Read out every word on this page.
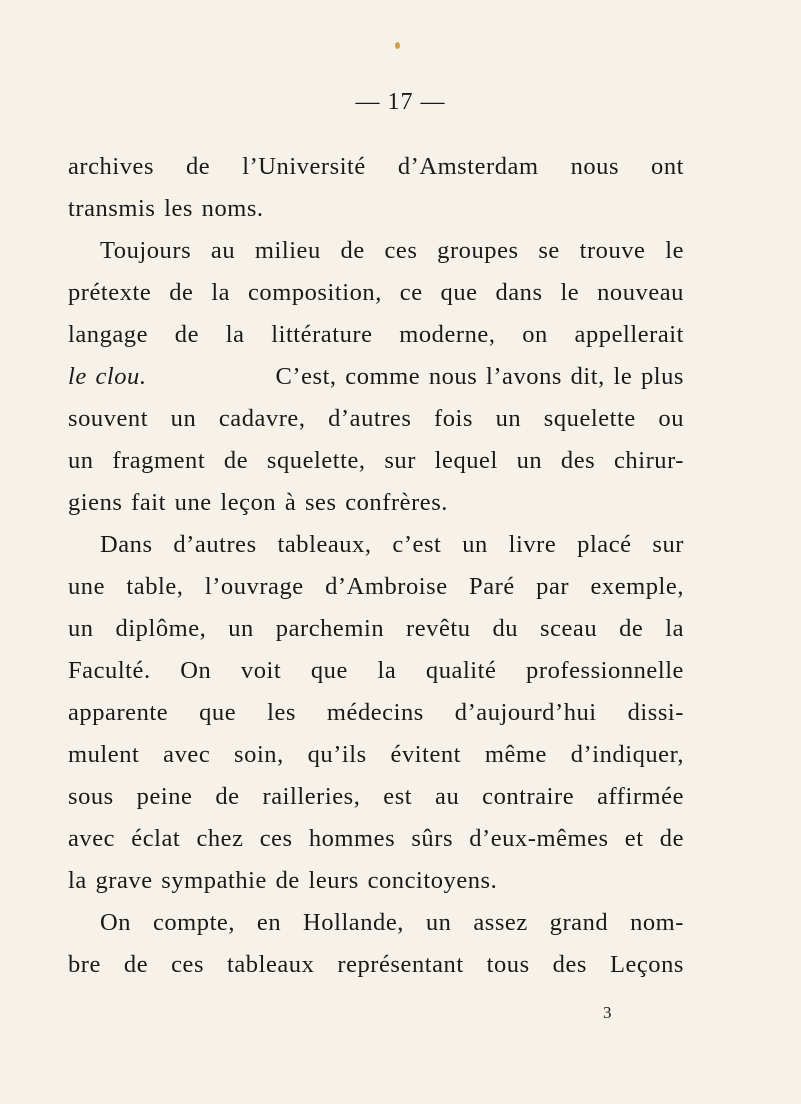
— 17 —
archives de l’Université d’Amsterdam nous ont
transmis les noms.
Toujours au milieu de ces groupes se trouve le
prétexte de la composition, ce que dans le nouveau
langage de la littérature moderne, on appellerait
le clou.	C’est, comme nous l’avons dit, le plus
souvent un cadavre, d’autres fois un squelette ou
un fragment de squelette, sur lequel un des chirur-
giens fait une leçon à ses confrères.
Dans d’autres tableaux, c’est un livre placé sur
une table, l’ouvrage d’Ambroise Paré par exemple,
un diplôme, un parchemin revêtu du sceau de la
Faculté. On voit que la qualité professionnelle
apparente que les médecins d’aujourd’hui dissi-
mulent avec soin, qu’ils évitent même d’indiquer,
sous peine de railleries, est au contraire affirmée
avec éclat chez ces hommes sûrs d’eux-mêmes et de
la grave sympathie de leurs concitoyens.
On compte, en Hollande, un assez grand nom-
bre de ces tableaux représentant tous des Leçons
3
